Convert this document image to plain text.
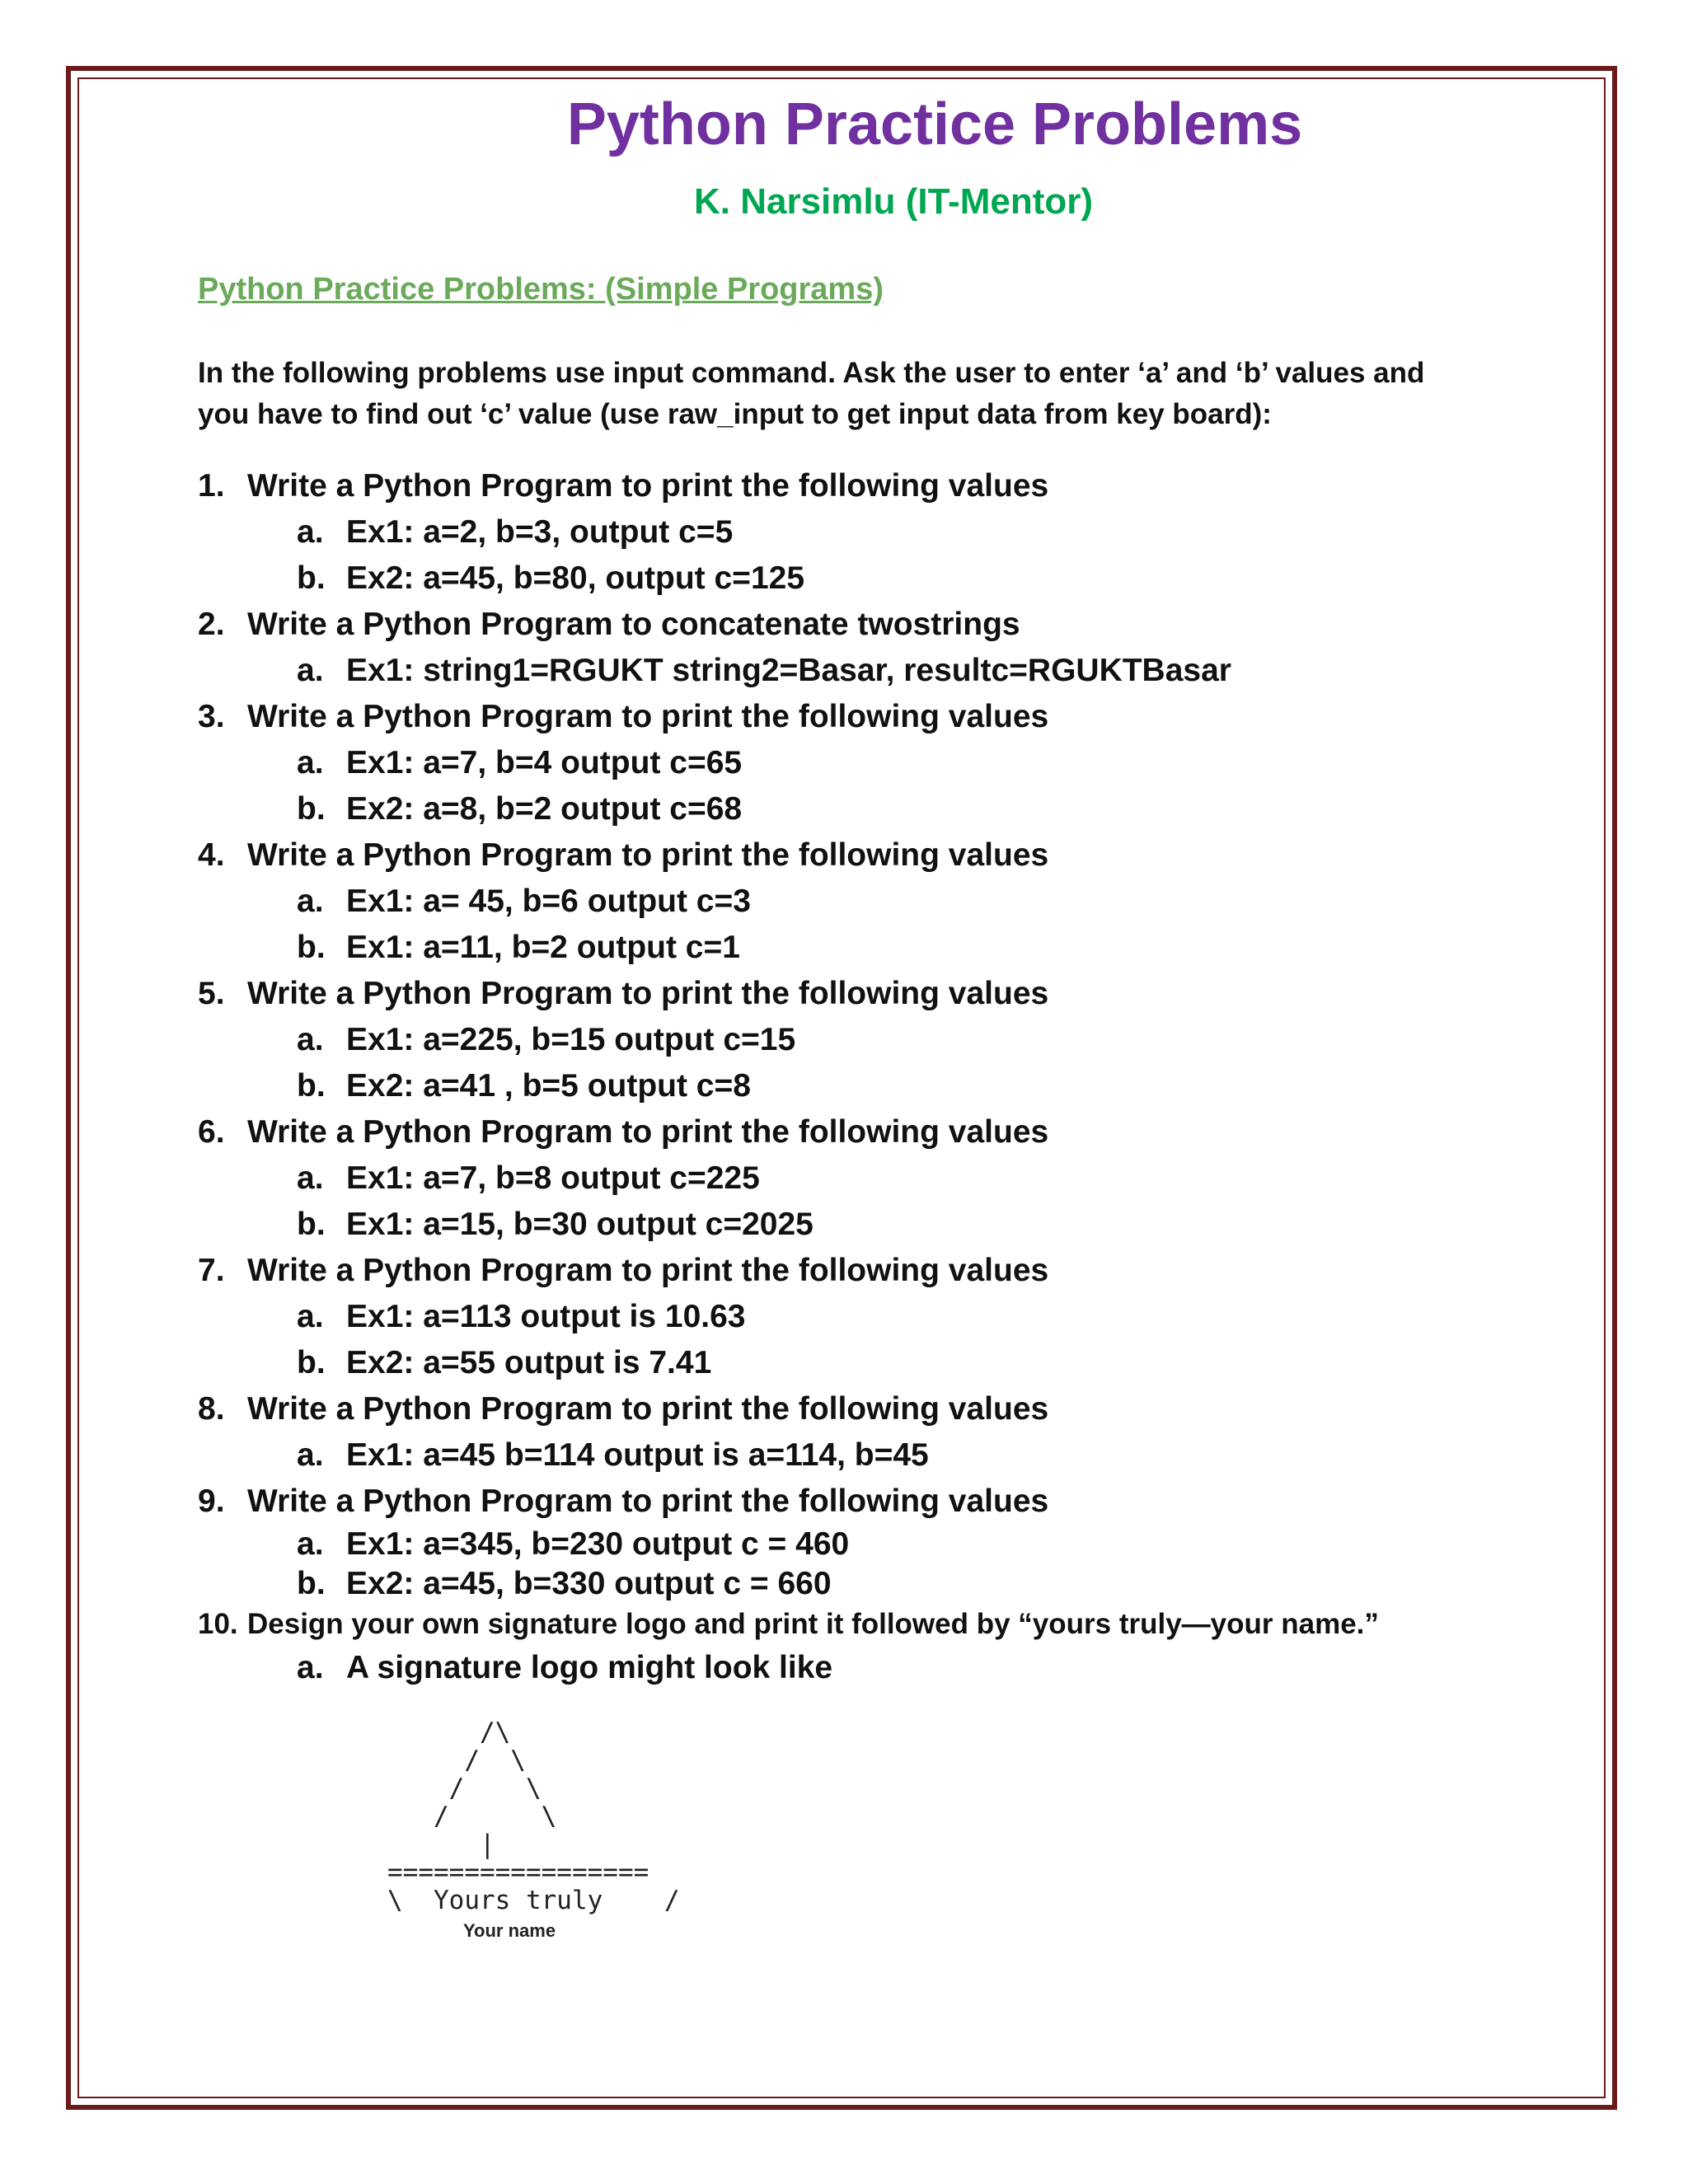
Python Practice Problems
K. Narsimlu (IT-Mentor)
Python Practice Problems: (Simple Programs)
In the following problems use input command. Ask the user to enter ‘a’ and ‘b’ values and you have to find out ‘c’ value (use raw_input to get input data from key board):
1. Write a Python Program to print the following values
a. Ex1: a=2, b=3, output c=5
b. Ex2: a=45, b=80, output c=125
2. Write a Python Program to concatenate twostrings
a. Ex1: string1=RGUKT string2=Basar, resultc=RGUKTBasar
3. Write a Python Program to print the following values
a. Ex1: a=7, b=4 output c=65
b. Ex2: a=8, b=2 output c=68
4. Write a Python Program to print the following values
a. Ex1: a= 45, b=6 output c=3
b. Ex1: a=11, b=2 output c=1
5. Write a Python Program to print the following values
a. Ex1: a=225, b=15 output c=15
b. Ex2: a=41 , b=5 output c=8
6. Write a Python Program to print the following values
a. Ex1: a=7, b=8 output c=225
b. Ex1: a=15, b=30 output c=2025
7. Write a Python Program to print the following values
a. Ex1: a=113 output is 10.63
b. Ex2: a=55 output is 7.41
8. Write a Python Program to print the following values
a. Ex1: a=45 b=114 output is a=114, b=45
9. Write a Python Program to print the following values
a. Ex1: a=345, b=230 output c = 460
b. Ex2: a=45, b=330 output c = 660
10. Design your own signature logo and print it followed by “yours truly—your name.”
a. A signature logo might look like
/\
/  \
/    \
/      \
|
=================
\  Yours truly    /
Your name
